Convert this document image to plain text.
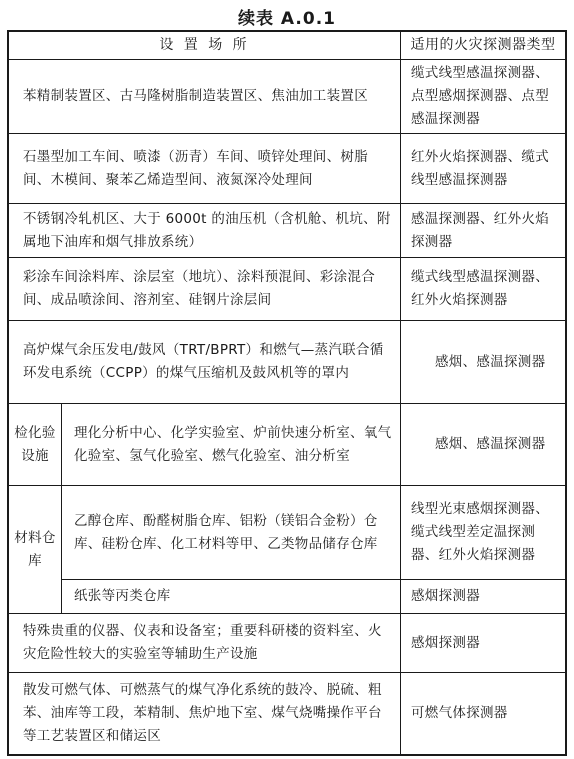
续表 A.0.1
设 置 场 所	适用的火灾探测器类型
苯精制装置区、古马隆树脂制造装置区、焦油加工装置区
缆式线型感温探测器、点型感烟探测器、点型感温探测器
石墨型加工车间、喷漆（沥青）车间、喷锌处理间、树脂间、木模间、聚苯乙烯造型间、液氮深冷处理间
红外火焰探测器、缆式线型感温探测器
不锈钢冷轧机区、大于 6000t 的油压机（含机舱、机坑、附属地下油库和烟气排放系统）
感温探测器、红外火焰探测器
彩涂车间涂料库、涂层室（地坑）、涂料预混间、彩涂混合间、成品喷涂间、溶剂室、硅钢片涂层间
缆式线型感温探测器、红外火焰探测器
高炉煤气余压发电/鼓风（TRT/BPRT）和燃气—蒸汽联合循环发电系统（CCPP）的煤气压缩机及鼓风机等的罩内
感烟、感温探测器
检化验设施
理化分析中心、化学实验室、炉前快速分析室、氧气化验室、氢气化验室、燃气化验室、油分析室
感烟、感温探测器
材料仓库
乙醇仓库、酚醛树脂仓库、铝粉（镁铝合金粉）仓库、硅粉仓库、化工材料等甲、乙类物品储存仓库
线型光束感烟探测器、缆式线型差定温探测器、红外火焰探测器
纸张等丙类仓库	感烟探测器
特殊贵重的仪器、仪表和设备室；重要科研楼的资料室、火灾危险性较大的实验室等辅助生产设施
感烟探测器
散发可燃气体、可燃蒸气的煤气净化系统的鼓冷、脱硫、粗苯、油库等工段，苯精制、焦炉地下室、煤气烧嘴操作平台等工艺装置区和储运区
可燃气体探测器
